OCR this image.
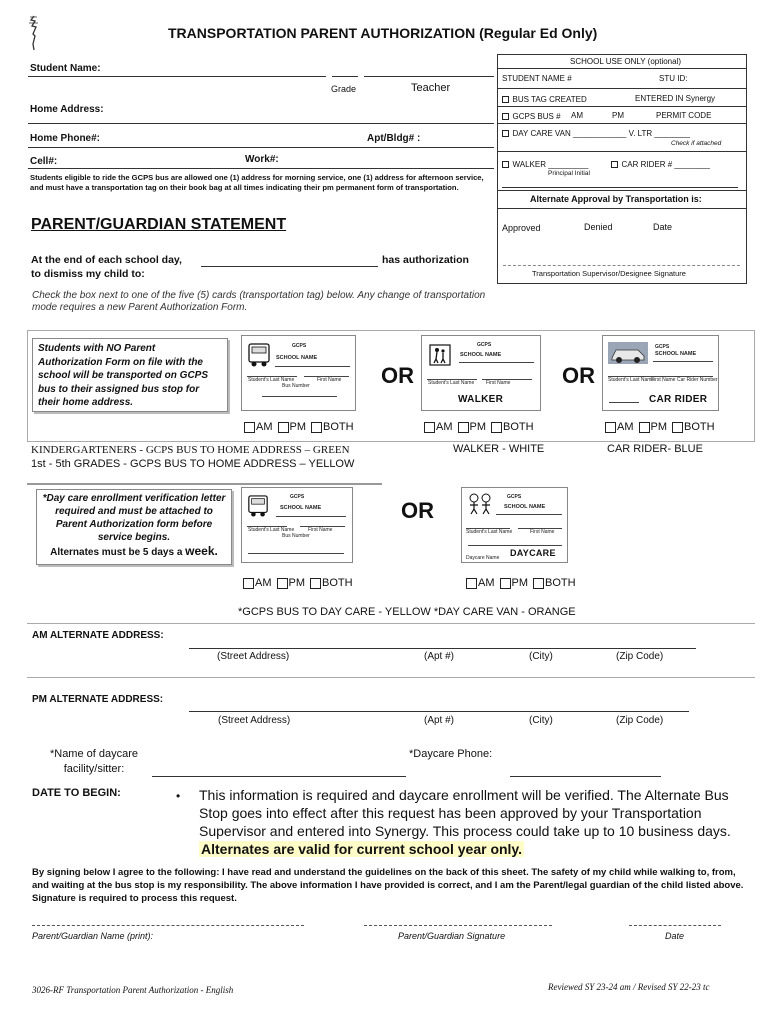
TRANSPORTATION PARENT AUTHORIZATION (Regular Ed Only)
Student Name:
Grade	Teacher
Home Address:
Home Phone#:	Apt/Bldg# :
Cell#:	Work#:
Students eligible to ride the GCPS bus are allowed one (1) address for morning service, one (1) address for afternoon service, and must have a transportation tag on their book bag at all times indicating their pm permanent form of transportation.
SCHOOL USE ONLY (optional)
STUDENT NAME #	STU ID:
BUS TAG CREATED	ENTERED IN Synergy
GCPS BUS # AM	PM	PERMIT CODE
DAY CARE VAN ____________ V. LTR ________
Check if attached
WALKER _________	CAR RIDER # ________
Principal Initial
Alternate Approval by Transportation is:
Approved	Denied	Date
Transportation Supervisor/Designee Signature
PARENT/GUARDIAN STATEMENT
At the end of each school day,	has authorization
to dismiss my child to:
Check the box next to one of the five (5) cards (transportation tag) below. Any change of transportation mode requires a new Parent Authorization Form.
Students with NO Parent Authorization Form on file with the school will be transported on GCPS bus to their assigned bus stop for their home address.
GCPS
SCHOOL NAME
Student's Last Name	First Name
Bus Number	OR
GCPS
SCHOOL NAME
Student's Last Name First Name
WALKER
OR
GCPS
SCHOOL NAME
Student's Last Name
First Name Car Rider Number
CAR RIDER
AM PM BOTH	AM PM BOTH	AM PM BOTH
KINDERGARTENERS - GCPS BUS TO HOME ADDRESS – GREEN
1st - 5th GRADES - GCPS BUS TO HOME ADDRESS – YELLOW
WALKER - WHITE	CAR RIDER- BLUE
*Day care enrollment verification letter required and must be attached to Parent Authorization form before service begins.
Alternates must be 5 days a week.
GCPS
SCHOOL NAME
Student's Last Name	First Name
Bus Number
OR
GCPS
SCHOOL NAME
Student's Last Name	First Name
DAYCARE
Daycare Name
AM PM BOTH	AM PM BOTH
*GCPS BUS TO DAY CARE - YELLOW *DAY CARE VAN - ORANGE
AM ALTERNATE ADDRESS:
(Street Address)	(Apt #)	(City)	(Zip Code)
PM ALTERNATE ADDRESS:
(Street Address)	(Apt #)	(City)	(Zip Code)
*Name of daycare facility/sitter:
*Daycare Phone:
DATE TO BEGIN:	• This information is required and daycare enrollment will be verified. The Alternate Bus Stop goes into effect after this request has been approved by your Transportation Supervisor and entered into Synergy. This process could take up to 10 business days. Alternates are valid for current school year only.
By signing below I agree to the following: I have read and understand the guidelines on the back of this sheet. The safety of my child while walking to, from, and waiting at the bus stop is my responsibility. The above information I have provided is correct, and I am the Parent/legal guardian of the child listed above. Signature is required to process this request.
Parent/Guardian Name (print):	Parent/Guardian Signature	Date
3026-RF Transportation Parent Authorization - English	Reviewed SY 23-24 am / Revised SY 22-23 tc
